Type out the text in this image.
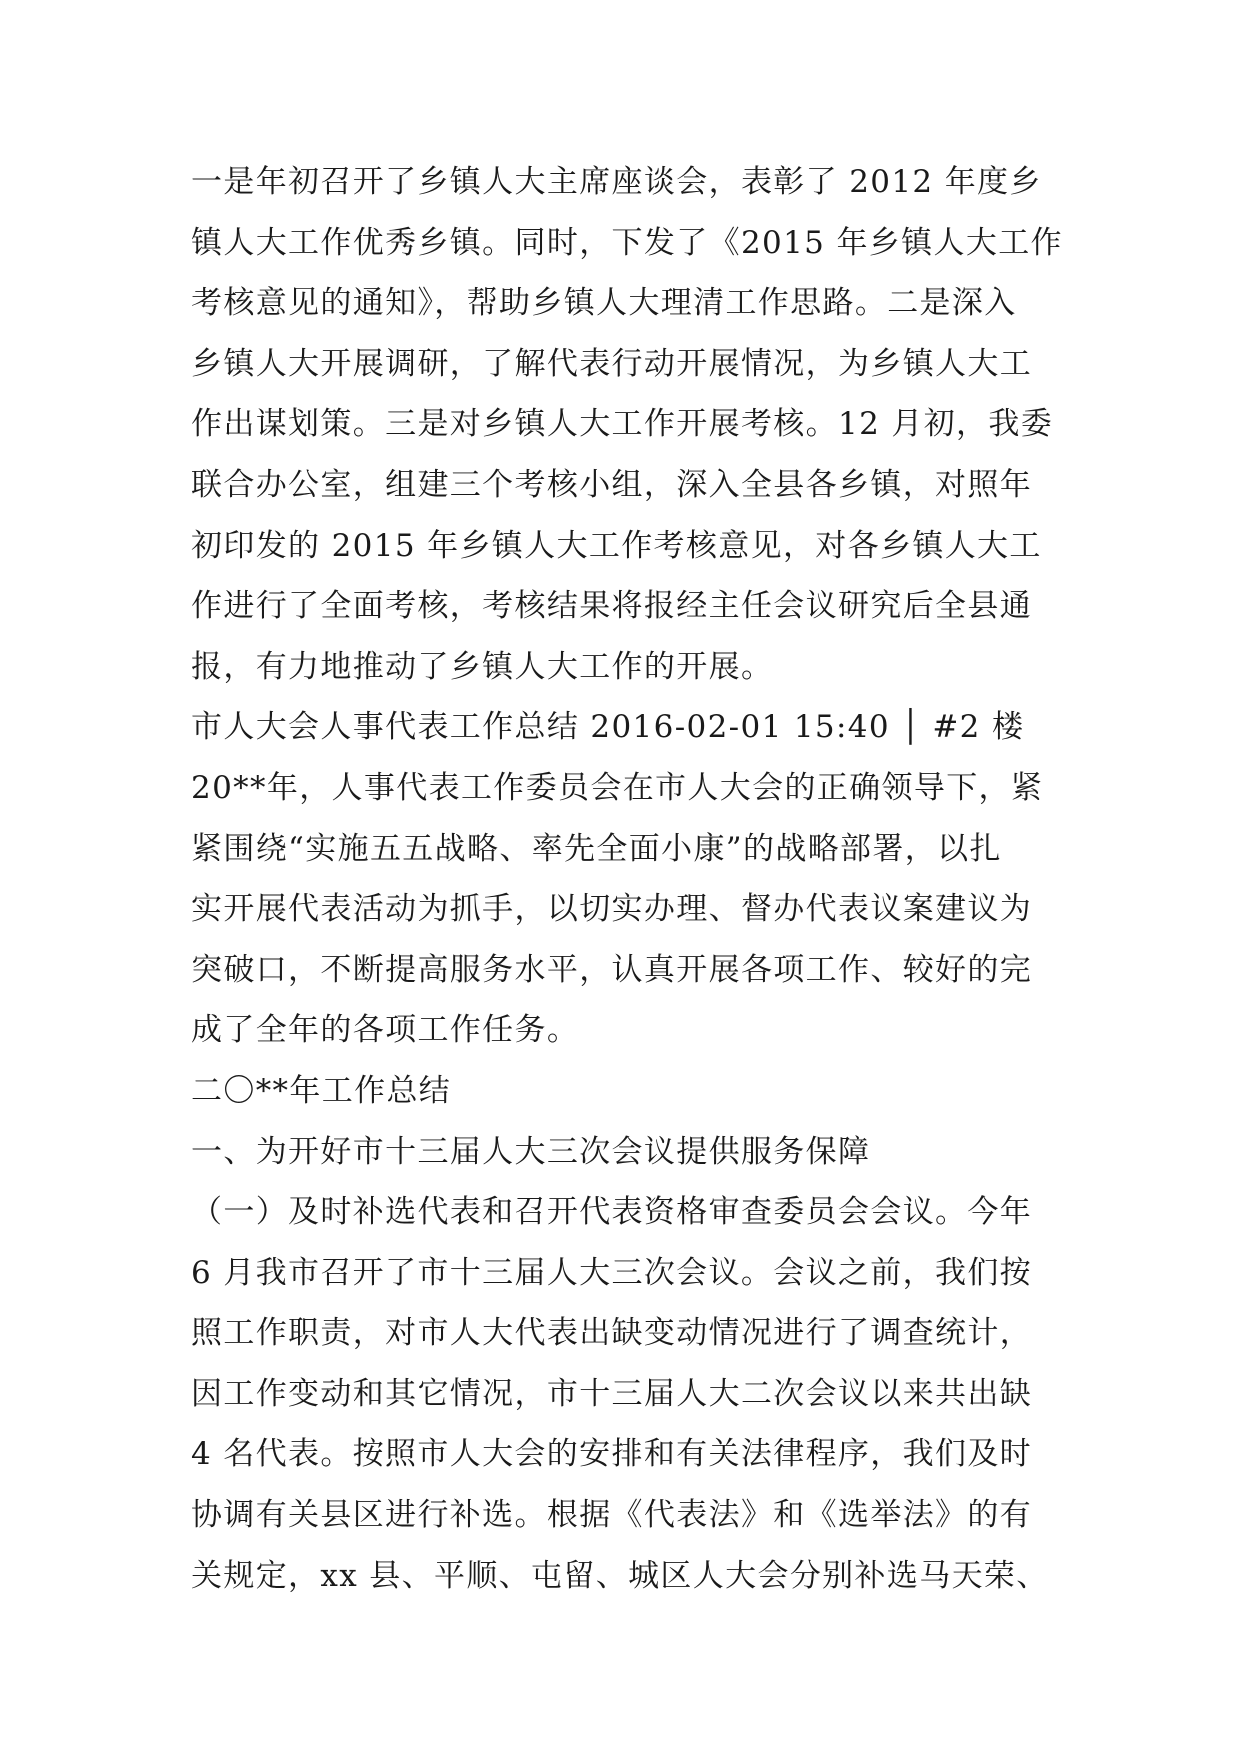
一是年初召开了乡镇人大主席座谈会，表彰了 2012 年度乡
镇人大工作优秀乡镇。同时，下发了《2015 年乡镇人大工作
考核意见的通知》，帮助乡镇人大理清工作思路。二是深入
乡镇人大开展调研，了解代表行动开展情况，为乡镇人大工
作出谋划策。三是对乡镇人大工作开展考核。12 月初，我委
联合办公室，组建三个考核小组，深入全县各乡镇，对照年
初印发的 2015 年乡镇人大工作考核意见，对各乡镇人大工
作进行了全面考核，考核结果将报经主任会议研究后全县通
报，有力地推动了乡镇人大工作的开展。
市人大会人事代表工作总结 2016-02-01 15:40 │ #2 楼
20**年，人事代表工作委员会在市人大会的正确领导下，紧
紧围绕“实施五五战略、率先全面小康”的战略部署，以扎
实开展代表活动为抓手，以切实办理、督办代表议案建议为
突破口，不断提高服务水平，认真开展各项工作、较好的完
成了全年的各项工作任务。
二〇**年工作总结
一、为开好市十三届人大三次会议提供服务保障
（一）及时补选代表和召开代表资格审查委员会会议。今年
6 月我市召开了市十三届人大三次会议。会议之前，我们按
照工作职责，对市人大代表出缺变动情况进行了调查统计，
因工作变动和其它情况，市十三届人大二次会议以来共出缺
4 名代表。按照市人大会的安排和有关法律程序，我们及时
协调有关县区进行补选。根据《代表法》和《选举法》的有
关规定，xx 县、平顺、屯留、城区人大会分别补选马天荣、
